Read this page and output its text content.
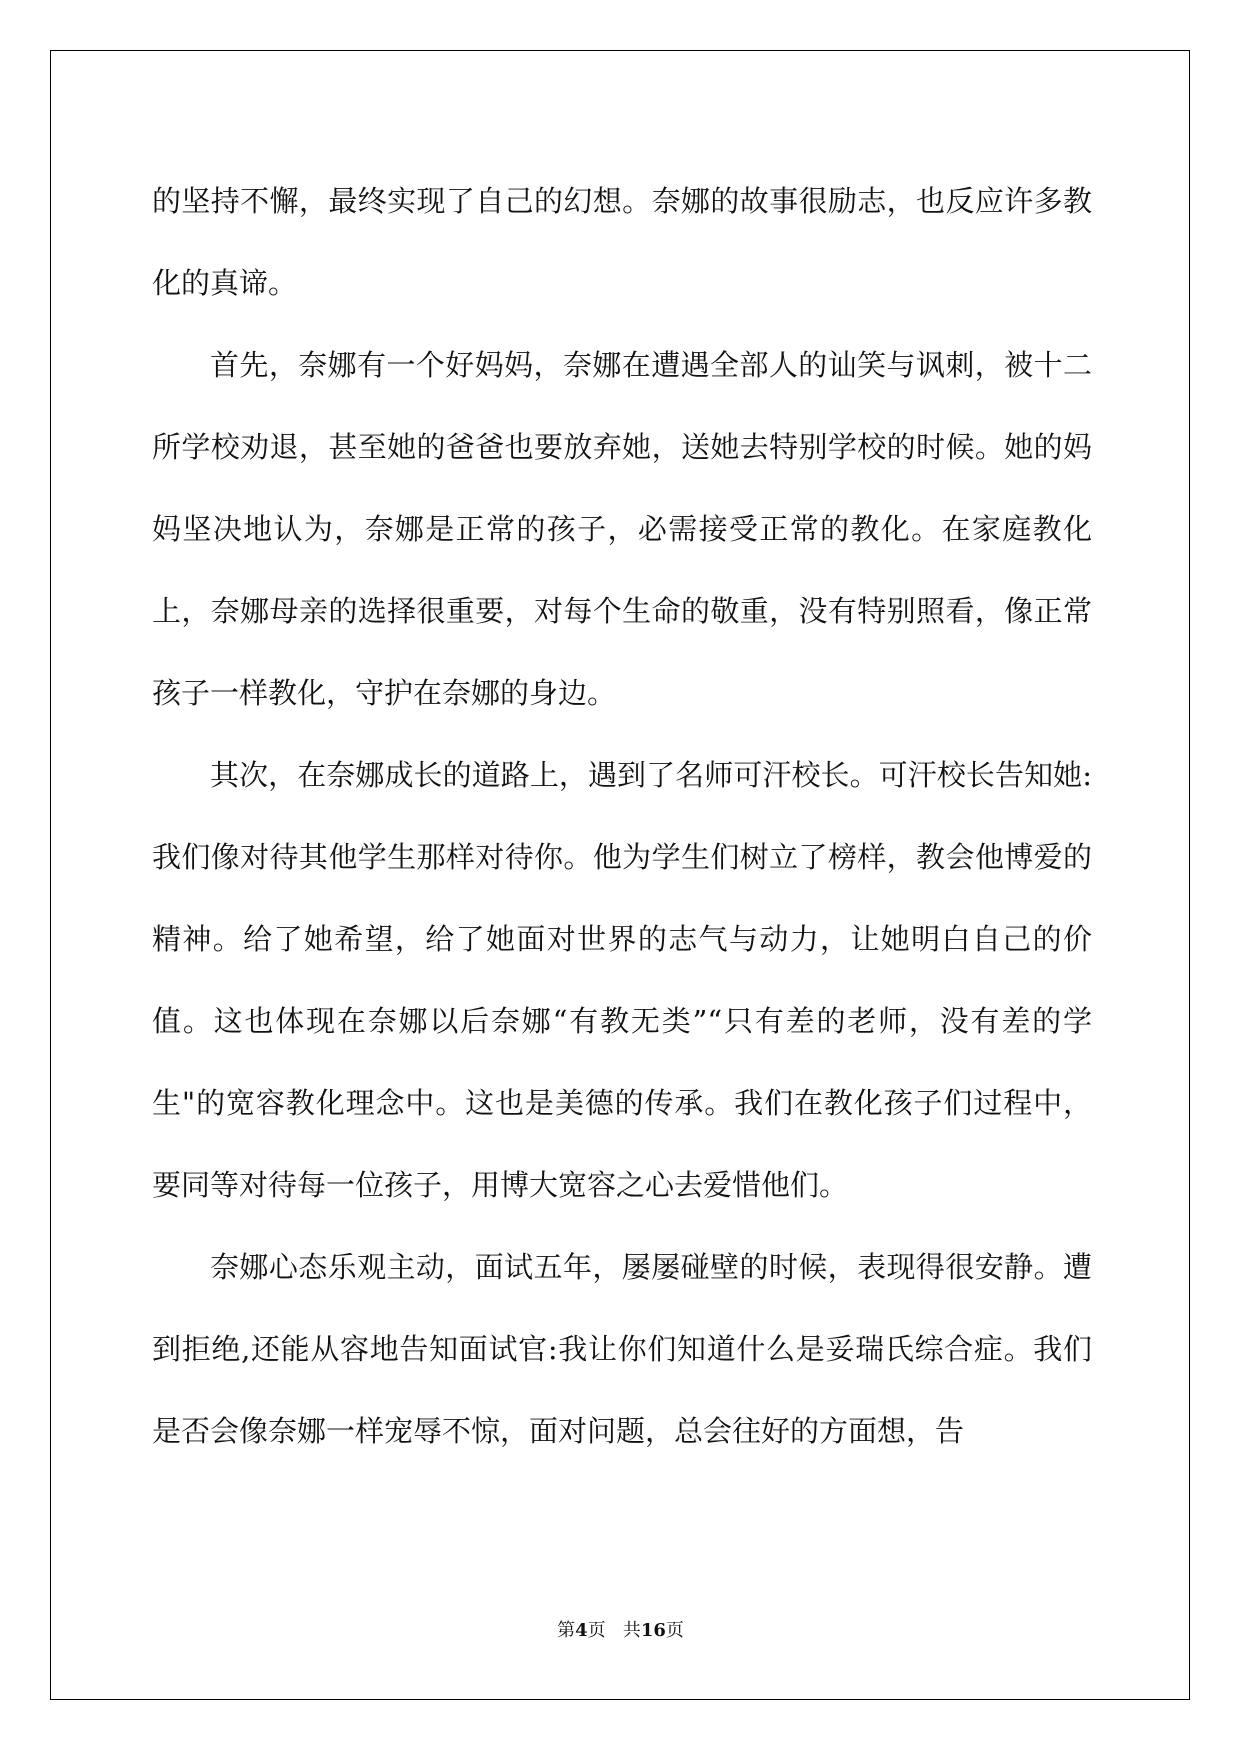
的坚持不懈，最终实现了自己的幻想。奈娜的故事很励志，也反应许多教化的真谛。

首先，奈娜有一个好妈妈，奈娜在遭遇全部人的讪笑与讽刺，被十二所学校劝退，甚至她的爸爸也要放弃她，送她去特别学校的时候。她的妈妈坚决地认为，奈娜是正常的孩子，必需接受正常的教化。在家庭教化上，奈娜母亲的选择很重要，对每个生命的敬重，没有特别照看，像正常孩子一样教化，守护在奈娜的身边。

其次，在奈娜成长的道路上，遇到了名师可汗校长。可汗校长告知她:我们像对待其他学生那样对待你。他为学生们树立了榜样，教会他博爱的精神。给了她希望，给了她面对世界的志气与动力，让她明白自己的价值。这也体现在奈娜以后奈娜“有教无类”“只有差的老师，没有差的学生"的宽容教化理念中。这也是美德的传承。我们在教化孩子们过程中，要同等对待每一位孩子，用博大宽容之心去爱惜他们。

奈娜心态乐观主动，面试五年，屡屡碰壁的时候，表现得很安静。遭到拒绝,还能从容地告知面试官:我让你们知道什么是妥瑞氏综合症。我们是否会像奈娜一样宠辱不惊，面对问题，总会往好的方面想，告

第4页 共16页
